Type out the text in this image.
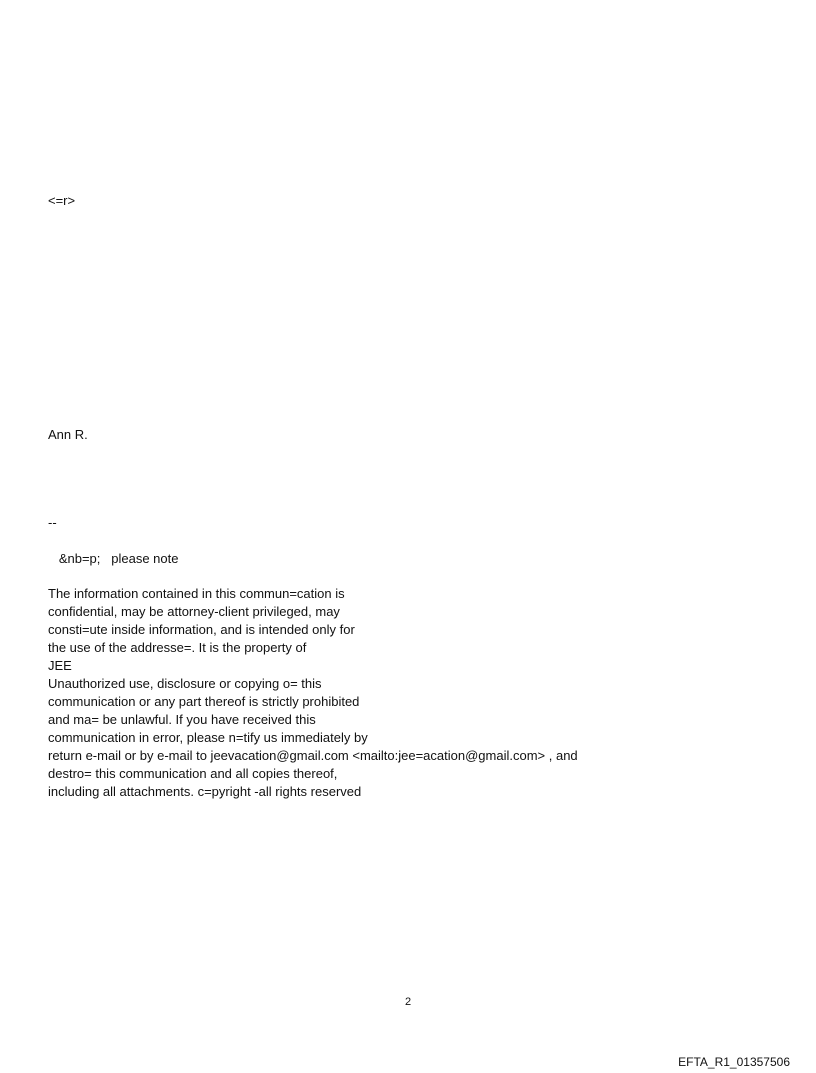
<=r>
Ann R.
--
&nb=p;   please note
The information contained in this commun=cation is
confidential, may be attorney-client privileged, may
consti=ute inside information, and is intended only for
the use of the addresse=. It is the property of
JEE
Unauthorized use, disclosure or copying o= this
communication or any part thereof is strictly prohibited
and ma= be unlawful. If you have received this
communication in error, please n=tify us immediately by
return e-mail or by e-mail to jeevacation@gmail.com <mailto:jee=acation@gmail.com> , and
destro= this communication and all copies thereof,
including all attachments. c=pyright -all rights reserved
2
EFTA_R1_01357506
